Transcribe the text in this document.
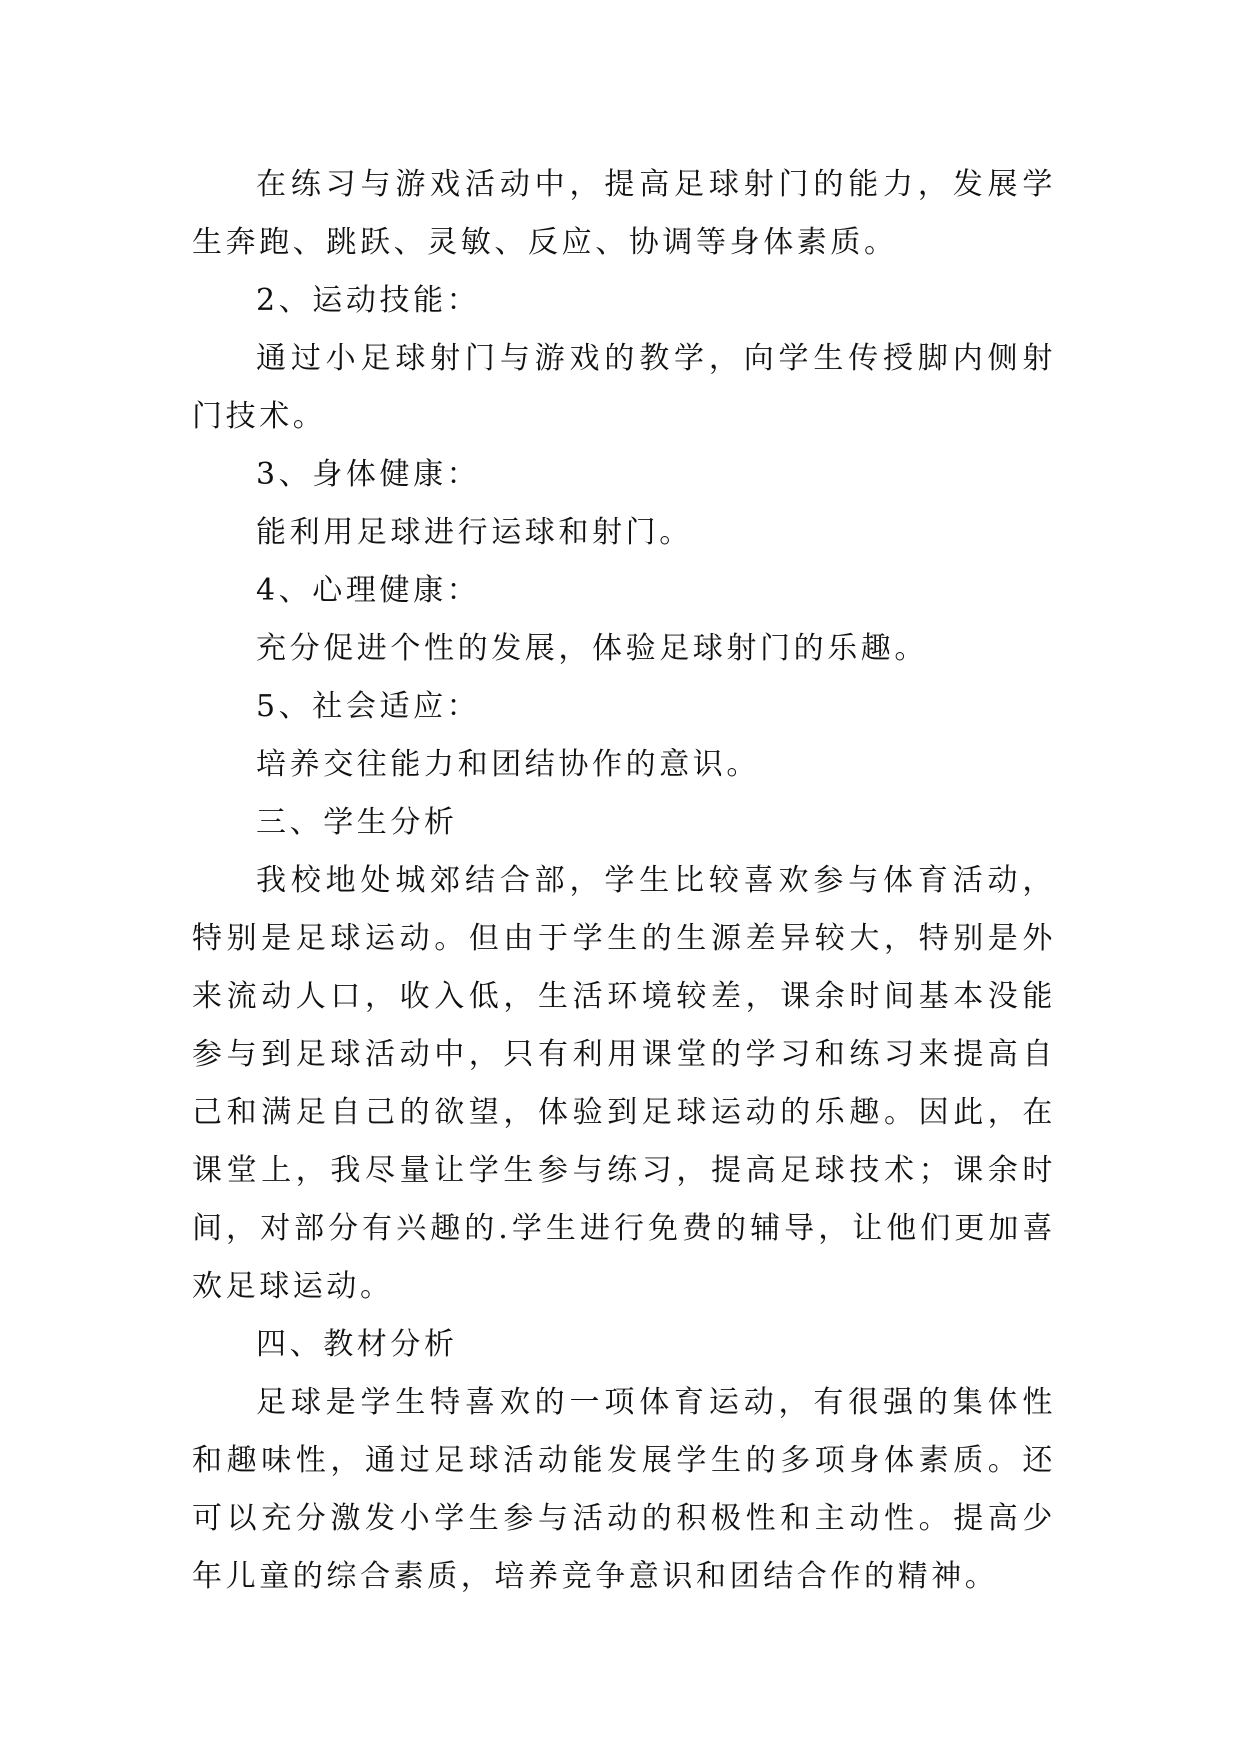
在练习与游戏活动中，提高足球射门的能力，发展学生奔跑、跳跃、灵敏、反应、协调等身体素质。

2、运动技能：

通过小足球射门与游戏的教学，向学生传授脚内侧射门技术。

3、身体健康：

能利用足球进行运球和射门。

4、心理健康：

充分促进个性的发展，体验足球射门的乐趣。

5、社会适应：

培养交往能力和团结协作的意识。

三、学生分析

我校地处城郊结合部，学生比较喜欢参与体育活动，特别是足球运动。但由于学生的生源差异较大，特别是外来流动人口，收入低，生活环境较差，课余时间基本没能参与到足球活动中，只有利用课堂的学习和练习来提高自己和满足自己的欲望，体验到足球运动的乐趣。因此，在课堂上，我尽量让学生参与练习，提高足球技术；课余时间，对部分有兴趣的.学生进行免费的辅导，让他们更加喜欢足球运动。

四、教材分析

足球是学生特喜欢的一项体育运动，有很强的集体性和趣味性，通过足球活动能发展学生的多项身体素质。还可以充分激发小学生参与活动的积极性和主动性。提高少年儿童的综合素质，培养竞争意识和团结合作的精神。
